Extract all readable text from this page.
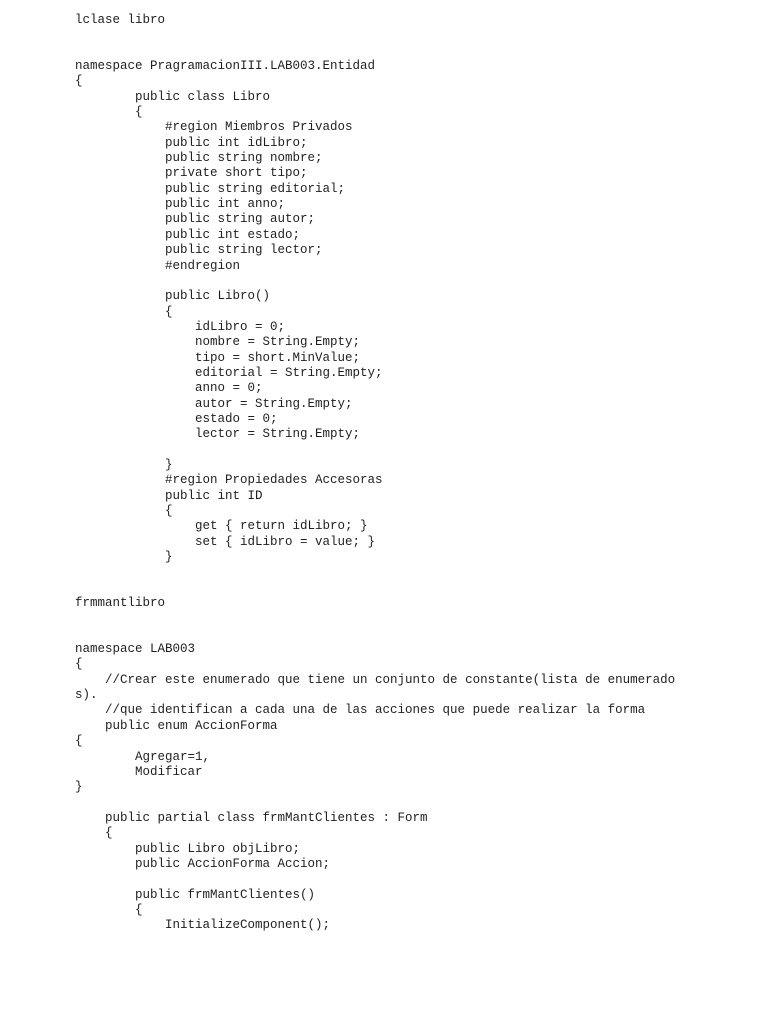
lclase libro
namespace PragramacionIII.LAB003.Entidad
{
public class Libro
{
#region Miembros Privados
public int idLibro;
public string nombre;
private short tipo;
public string editorial;
public int anno;
public string autor;
public int estado;
public string lector;
#endregion
public Libro()
{
idLibro = 0;
nombre = String.Empty;
tipo = short.MinValue;
editorial = String.Empty;
anno = 0;
autor = String.Empty;
estado = 0;
lector = String.Empty;
}
#region Propiedades Accesoras
public int ID
{
get { return idLibro; }
set { idLibro = value; }
}
frmmantlibro
namespace LAB003
{
//Crear este enumerado que tiene un conjunto de constante(lista de enumerado
s).
//que identifican a cada una de las acciones que puede realizar la forma
public enum AccionForma
{
Agregar=1,
Modificar
}
public partial class frmMantClientes : Form
{
public Libro objLibro;
public AccionForma Accion;
public frmMantClientes()
{
InitializeComponent();
